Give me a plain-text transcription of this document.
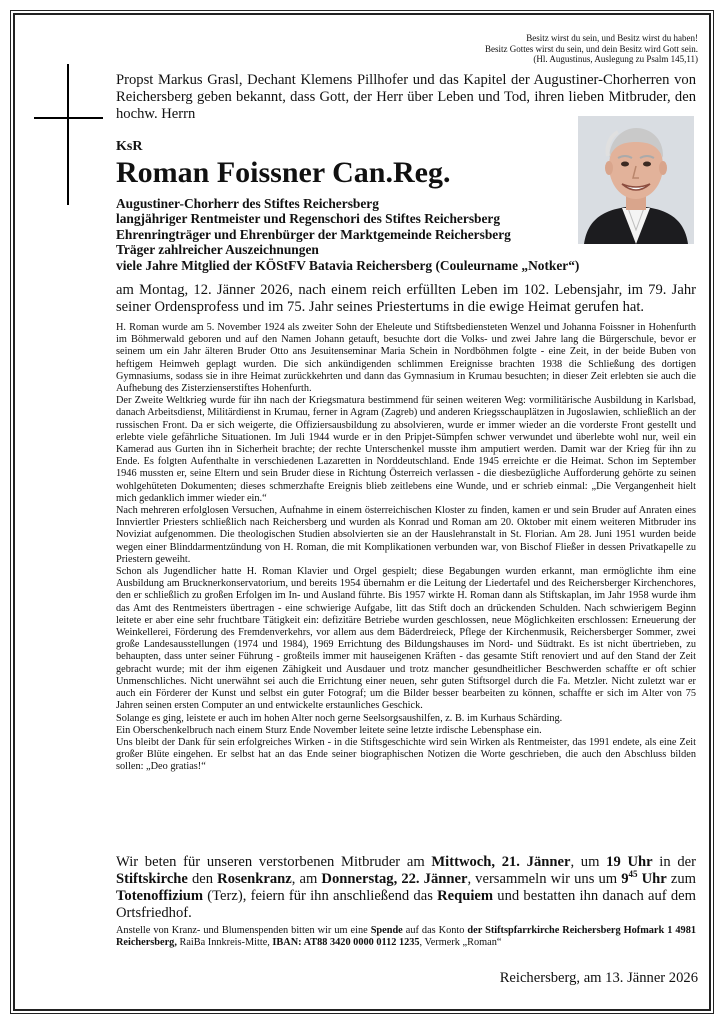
Besitz wirst du sein, und Besitz wirst du haben!
Besitz Gottes wirst du sein, und dein Besitz wird Gott sein.
(Hl. Augustinus, Auslegung zu Psalm 145,11)
Propst Markus Grasl, Dechant Klemens Pillhofer und das Kapitel der Augustiner-Chorherren von Reichersberg geben bekannt, dass Gott, der Herr über Leben und Tod, ihren lieben Mitbruder, den hochw. Herrn
KsR
Roman Foissner Can.Reg.
Augustiner-Chorherr des Stiftes Reichersberg
langjähriger Rentmeister und Regenschori des Stiftes Reichersberg
Ehrenringträger und Ehrenbürger der Marktgemeinde Reichersberg
Träger zahlreicher Auszeichnungen
viele Jahre Mitglied der KÖStFV Batavia Reichersberg (Couleurname „Notker“)
am Montag, 12. Jänner 2026, nach einem reich erfüllten Leben im 102. Lebensjahr, im 79. Jahr seiner Ordensprofess und im 75. Jahr seines Priestertums in die ewige Heimat gerufen hat.

H. Roman wurde am 5. November 1924 als zweiter Sohn der Eheleute und Stiftsbediensteten Wenzel und Johanna Foissner in Hohenfurth im Böhmerwald geboren und auf den Namen Johann getauft, besuchte dort die Volks- und zwei Jahre lang die Bürgerschule, bevor er seinem um ein Jahr älteren Bruder Otto ans Jesuitenseminar Maria Schein in Nordböhmen folgte - eine Zeit, in der beide Buben von heftigem Heimweh geplagt wurden. Die sich ankündigenden schlimmen Ereignisse brachten 1938 die Schließung des dortigen Gymnasiums, sodass sie in ihre Heimat zurückkehrten und dann das Gymnasium in Krumau besuchten; in dieser Zeit erlebten sie auch die Aufhebung des Zisterzienserstiftes Hohenfurth.

Der Zweite Weltkrieg wurde für ihn nach der Kriegsmatura bestimmend für seinen weiteren Weg: vormilitärische Ausbildung in Karlsbad, danach Arbeitsdienst, Militärdienst in Krumau, ferner in Agram (Zagreb) und anderen Kriegsschauplätzen in Jugoslawien, schließlich an der russischen Front. Da er sich weigerte, die Offiziersausbildung zu absolvieren, wurde er immer wieder an die vorderste Front gestellt und erlebte viele gefährliche Situationen. Im Juli 1944 wurde er in den Pripjet-Sümpfen schwer verwundet und überlebte wohl nur, weil ein Kamerad aus Gurten ihn in Sicherheit brachte; der rechte Unterschenkel musste ihm amputiert werden. Damit war der Krieg für ihn zu Ende. Es folgten Aufenthalte in verschiedenen Lazaretten in Norddeutschland. Ende 1945 erreichte er die Heimat. Schon im September 1946 mussten er, seine Eltern und sein Bruder diese in Richtung Österreich verlassen - die diesbezügliche Aufforderung gehörte zu seinen wohlgehüteten Dokumenten; dieses schmerzhafte Ereignis blieb zeitlebens eine Wunde, und er schrieb einmal: „Die Vergangenheit hielt mich gedanklich immer wieder ein.“

Nach mehreren erfolglosen Versuchen, Aufnahme in einem österreichischen Kloster zu finden, kamen er und sein Bruder auf Anraten eines Innviertler Priesters schließlich nach Reichersberg und wurden als Konrad und Roman am 20. Oktober mit einem weiteren Mitbruder ins Noviziat aufgenommen. Die theologischen Studien absolvierten sie an der Hauslehranstalt in St. Florian. Am 28. Juni 1951 wurden beide wegen einer Blinddarmentzündung von H. Roman, die mit Komplikationen verbunden war, von Bischof Fließer in dessen Privatkapelle zu Priestern geweiht.

Schon als Jugendlicher hatte H. Roman Klavier und Orgel gespielt; diese Begabungen wurden erkannt, man ermöglichte ihm eine Ausbildung am Brucknerkonservatorium, und bereits 1954 übernahm er die Leitung der Liedertafel und des Reichersberger Kirchenchores, den er schließlich zu großen Erfolgen im In- und Ausland führte. Bis 1957 wirkte H. Roman dann als Stiftskaplan, im Jahr 1958 wurde ihm das Amt des Rentmeisters übertragen - eine schwierige Aufgabe, litt das Stift doch an drückenden Schulden. Nach schwierigem Beginn leitete er aber eine sehr fruchtbare Tätigkeit ein: defizitäre Betriebe wurden geschlossen, neue Möglichkeiten erschlossen: Erneuerung der Weinkellerei, Förderung des Fremdenverkehrs, vor allem aus dem Bäderdreieck, Pflege der Kirchenmusik, Reichersberger Sommer, zwei große Landesausstellungen (1974 und 1984), 1969 Errichtung des Bildungshauses im Nord- und Südtrakt. Es ist nicht übertrieben, zu behaupten, dass unter seiner Führung - großteils immer mit hauseigenen Kräften - das gesamte Stift renoviert und auf den Stand der Zeit gebracht wurde; mit der ihm eigenen Zähigkeit und Ausdauer und trotz mancher gesundheitlicher Beschwerden schaffte er oft schier Unmenschliches. Nicht unerwähnt sei auch die Errichtung einer neuen, sehr guten Stiftsorgel durch die Fa. Metzler. Nicht zuletzt war er auch ein Förderer der Kunst und selbst ein guter Fotograf; um die Bilder besser bearbeiten zu können, schaffte er sich im Alter von 75 Jahren seinen ersten Computer an und entwickelte erstaunliches Geschick.

Solange es ging, leistete er auch im hohen Alter noch gerne Seelsorgsaushilfen, z. B. im Kurhaus Schärding.

Ein Oberschenkelbruch nach einem Sturz Ende November leitete seine letzte irdische Lebensphase ein.

Uns bleibt der Dank für sein erfolgreiches Wirken - in die Stiftsgeschichte wird sein Wirken als Rentmeister, das 1991 endete, als eine Zeit großer Blüte eingehen. Er selbst hat an das Ende seiner biographischen Notizen die Worte geschrieben, die auch den Abschluss bilden sollen: „Deo gratias!“

Wir beten für unseren verstorbenen Mitbruder am Mittwoch, 21. Jänner, um 19 Uhr in der Stiftskirche den Rosenkranz, am Donnerstag, 22. Jänner, versammeln wir uns um $9^{45}$ Uhr zum Totenoffizium (Terz), feiern für ihn anschließend das Requiem und bestatten ihn danach auf dem Ortsfriedhof.
Anstelle von Kranz- und Blumenspenden bitten wir um eine Spende auf das Konto der Stiftspfarrkirche Reichersberg Hofmark 1 4981 Reichersberg, RaiBa Innkreis-Mitte, IBAN: AT88 3420 0000 0112 1235, Vermerk „Roman“
Reichersberg, am 13. Jänner 2026
